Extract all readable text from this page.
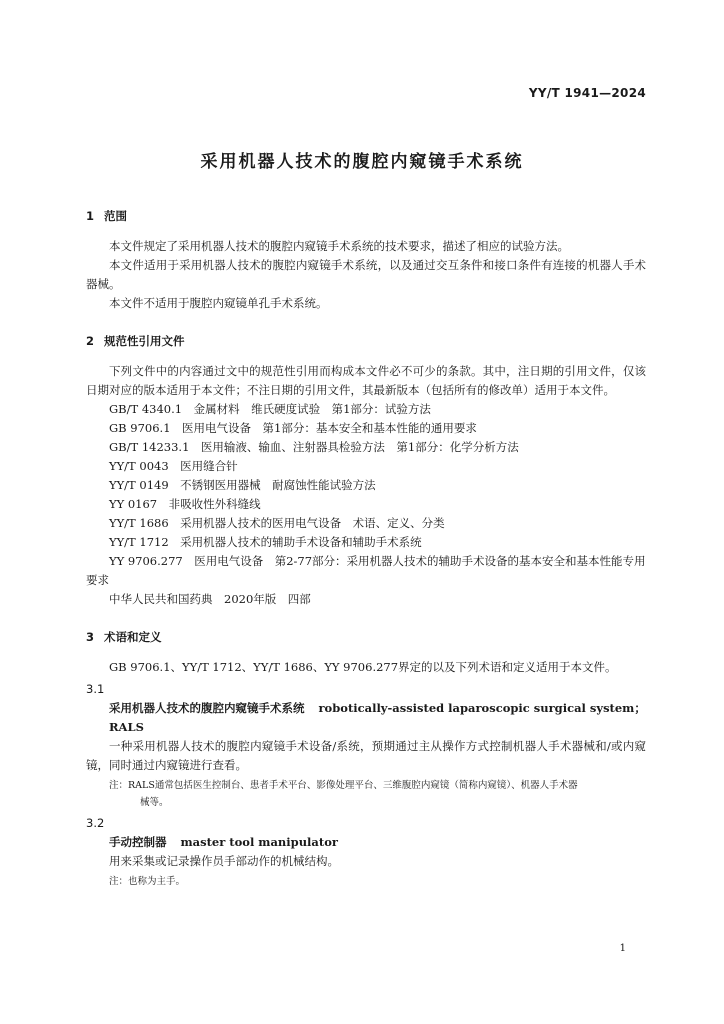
YY/T 1941—2024
采用机器人技术的腹腔内窥镜手术系统
1 范围

本文件规定了采用机器人技术的腹腔内窥镜手术系统的技术要求，描述了相应的试验方法。

本文件适用于采用机器人技术的腹腔内窥镜手术系统，以及通过交互条件和接口条件有连接的机器人手术器械。

本文件不适用于腹腔内窥镜单孔手术系统。

2 规范性引用文件

下列文件中的内容通过文中的规范性引用而构成本文件必不可少的条款。其中，注日期的引用文件，仅该日期对应的版本适用于本文件；不注日期的引用文件，其最新版本（包括所有的修改单）适用于本文件。

GB/T 4340.1　金属材料　维氏硬度试验　第1部分：试验方法

GB 9706.1　医用电气设备　第1部分：基本安全和基本性能的通用要求

GB/T 14233.1　医用输液、输血、注射器具检验方法　第1部分：化学分析方法

YY/T 0043　医用缝合针

YY/T 0149　不锈钢医用器械　耐腐蚀性能试验方法

YY 0167　非吸收性外科缝线

YY/T 1686　采用机器人技术的医用电气设备　术语、定义、分类

YY/T 1712　采用机器人技术的辅助手术设备和辅助手术系统

YY 9706.277　医用电气设备　第2-77部分：采用机器人技术的辅助手术设备的基本安全和基本性能专用要求

中华人民共和国药典　2020年版　四部

3 术语和定义

GB 9706.1、YY/T 1712、YY/T 1686、YY 9706.277界定的以及下列术语和定义适用于本文件。

3.1
采用机器人技术的腹腔内窥镜手术系统 robotically-assisted laparoscopic surgical system；RALS

一种采用机器人技术的腹腔内窥镜手术设备/系统，预期通过主从操作方式控制机器人手术器械和/或内窥镜，同时通过内窥镜进行查看。

注：RALS通常包括医生控制台、患者手术平台、影像处理平台、三维腹腔内窥镜（简称内窥镜）、机器人手术器
械等。
3.2
手动控制器 master tool manipulator

用来采集或记录操作员手部动作的机械结构。

注：也称为主手。
1
